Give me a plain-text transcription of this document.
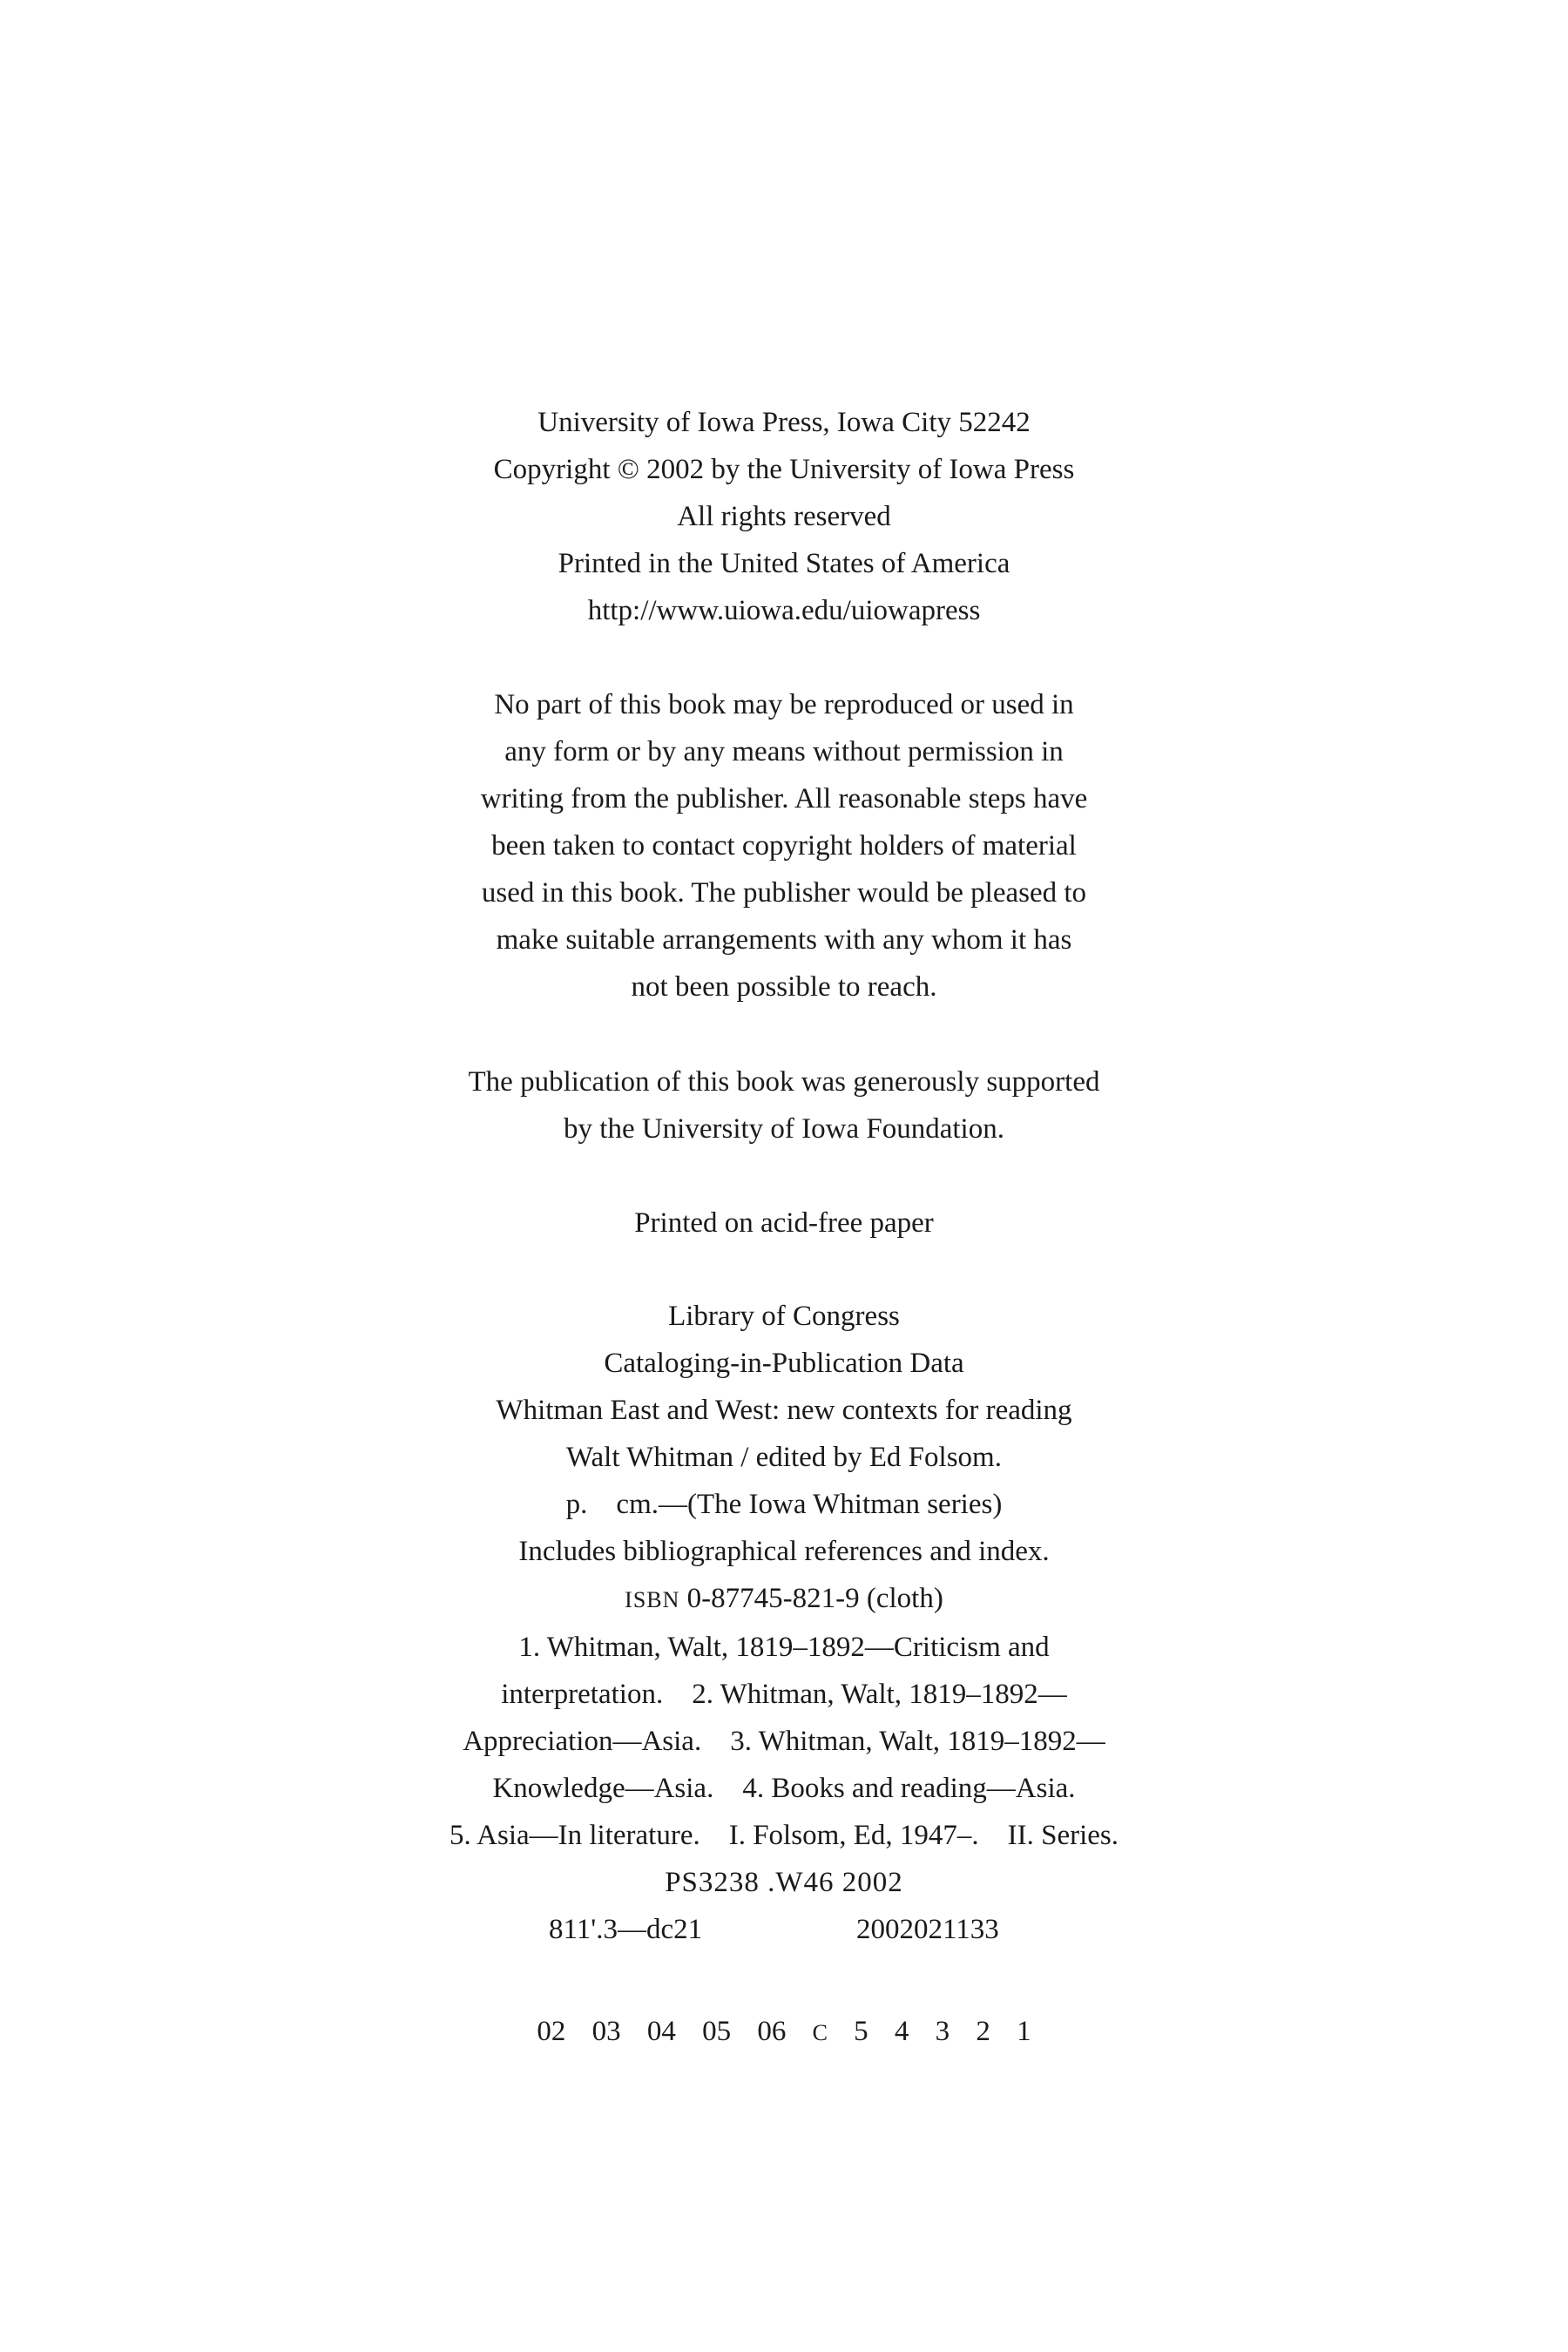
University of Iowa Press, Iowa City 52242
Copyright © 2002 by the University of Iowa Press
All rights reserved
Printed in the United States of America
http://www.uiowa.edu/uiowapress
No part of this book may be reproduced or used in
any form or by any means without permission in
writing from the publisher. All reasonable steps have
been taken to contact copyright holders of material
used in this book. The publisher would be pleased to
make suitable arrangements with any whom it has
not been possible to reach.
The publication of this book was generously supported
by the University of Iowa Foundation.
Printed on acid-free paper
Library of Congress
Cataloging-in-Publication Data
Whitman East and West: new contexts for reading
Walt Whitman / edited by Ed Folsom.
p.    cm.—(The Iowa Whitman series)
Includes bibliographical references and index.
ISBN 0-87745-821-9 (cloth)
1. Whitman, Walt, 1819–1892—Criticism and
interpretation.    2. Whitman, Walt, 1819–1892—
Appreciation—Asia.    3. Whitman, Walt, 1819–1892—
Knowledge—Asia.    4. Books and reading—Asia.
5. Asia—In literature.    I. Folsom, Ed, 1947–.    II. Series.
PS3238 .W46 2002
811'.3—dc21	2002021133
02 03 04 05 06 C 5 4 3 2 1
